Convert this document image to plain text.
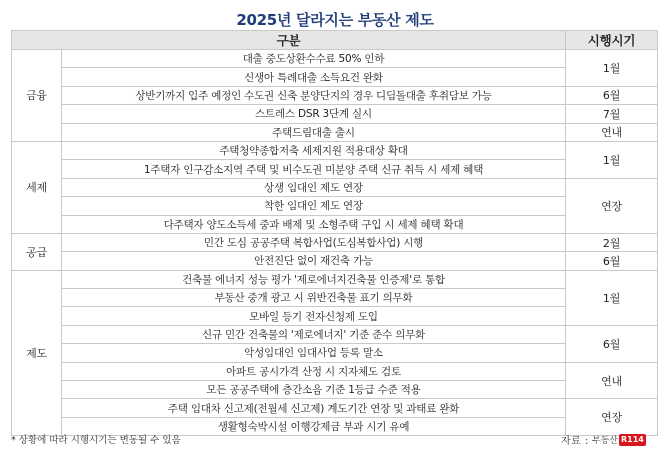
2025년 달라지는 부동산 제도
구분		시행시기
금융	대출 중도상환수수료 50% 인하	1월
	신생아 특례대출 소득요건 완화	
	상반기까지 입주 예정인 수도권 신축 분양단지의 경우 디딤돌대출 후취담보 가능	6월
	스트레스 DSR 3단계 실시	7월
	주택드림대출 출시	연내
세제	주택청약종합저축 세제지원 적용대상 확대	1월
	1주택자 인구감소지역 주택 및 비수도권 미분양 주택 신규 취득 시 세제 혜택	
	상생 임대인 제도 연장	연장
	착한 임대인 제도 연장	
	다주택자 양도소득세 중과 배제 및 소형주택 구입 시 세제 혜택 확대	
공급	민간 도심 공공주택 복합사업(도심복합사업) 시행	2월
	안전진단 없이 재건축 가능	6월
제도	건축물 에너지 성능 평가 '제로에너지건축물 인증제'로 통합	1월
	부동산 중개 광고 시 위반건축물 표기 의무화	
	모바일 등기 전자신청제 도입	
	신규 민간 건축물의 '제로에너지' 기준 준수 의무화	6월
	악성임대인 임대사업 등록 말소	
	아파트 공시가격 산정 시 지자체도 검토	연내
	모든 공공주택에 층간소음 기준 1등급 수준 적용	
	주택 임대차 신고제(전월세 신고제) 계도기간 연장 및 과태료 완화	연장
	생활형숙박시설 이행강제금 부과 시기 유예	
* 상황에 따라 시행시기는 변동될 수 있음	자료 : 부동산 R114
